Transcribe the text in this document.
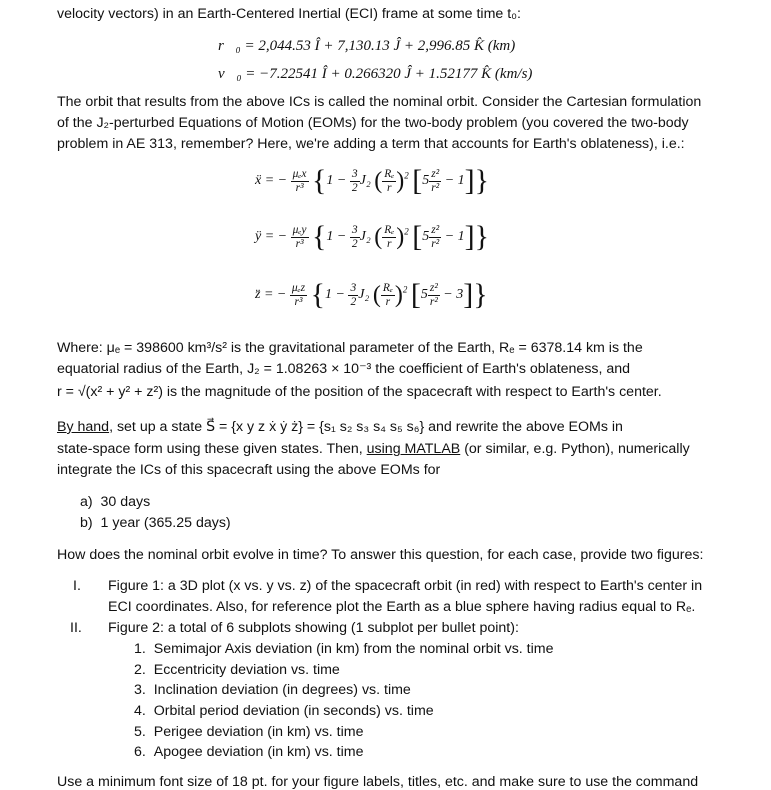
velocity vectors) in an Earth-Centered Inertial (ECI) frame at some time t₀:
r⃗₀ = 2,044.53 Î + 7,130.13 Ĵ + 2,996.85 K̂ (km)
v⃗₀ = −7.22541 Î + 0.266320 Ĵ + 1.52177 K̂ (km/s)
The orbit that results from the above ICs is called the nominal orbit. Consider the Cartesian formulation
of the J₂-perturbed Equations of Motion (EOMs) for the two-body problem (you covered the two-body
problem in AE 313, remember? Here, we're adding a term that accounts for Earth's oblateness), i.e.:
ẍ = − μₑx
r³ {$1 - \frac{3}{2} J_2$ ( $\frac{\text{Rₑ}}{r} )^2$ $[5 \frac{\text{z²}}{\text{r²}} - 1]$}
ÿ = − μₑy
r³ {$1 - \frac{3}{2} J_2$ ( $\frac{\text{Rₑ}}{r} )^2$ $[5 \frac{\text{z²}}{\text{r²}} - 1]$}
z̈ = − μₑz
r³ {$1 - \frac{3}{2} J_2$ ( $\frac{\text{Rₑ}}{r} )^2$ $[5 \frac{\text{z²}}{\text{r²}} - 3]$}
Where: μₑ = 398600 km³/s² is the gravitational parameter of the Earth, Rₑ = 6378.14 km is the
equatorial radius of the Earth, J₂ = 1.08263 × 10⁻³ the coefficient of Earth's oblateness, and
r = √(x² + y² + z²) is the magnitude of the position of the spacecraft with respect to Earth's center.
By hand, set up a state S⃗ = {x y z ẋ ẏ ż} = {s₁ s₂ s₃ s₄ s₅ s₆} and rewrite the above EOMs in
state-space form using these given states. Then, using MATLAB (or similar, e.g. Python), numerically
integrate the ICs of this spacecraft using the above EOMs for
a) 30 days
b) 1 year (365.25 days)
How does the nominal orbit evolve in time? To answer this question, for each case, provide two figures:
I. Figure 1: a 3D plot (x vs. y vs. z) of the spacecraft orbit (in red) with respect to Earth's center in
ECI coordinates. Also, for reference plot the Earth as a blue sphere having radius equal to Rₑ.
II. Figure 2: a total of 6 subplots showing (1 subplot per bullet point):
1. Semimajor Axis deviation (in km) from the nominal orbit vs. time
2. Eccentricity deviation vs. time
3. Inclination deviation (in degrees) vs. time
4. Orbital period deviation (in seconds) vs. time
5. Perigee deviation (in km) vs. time
6. Apogee deviation (in km) vs. time
Use a minimum font size of 18 pt. for your figure labels, titles, etc. and make sure to use the command
